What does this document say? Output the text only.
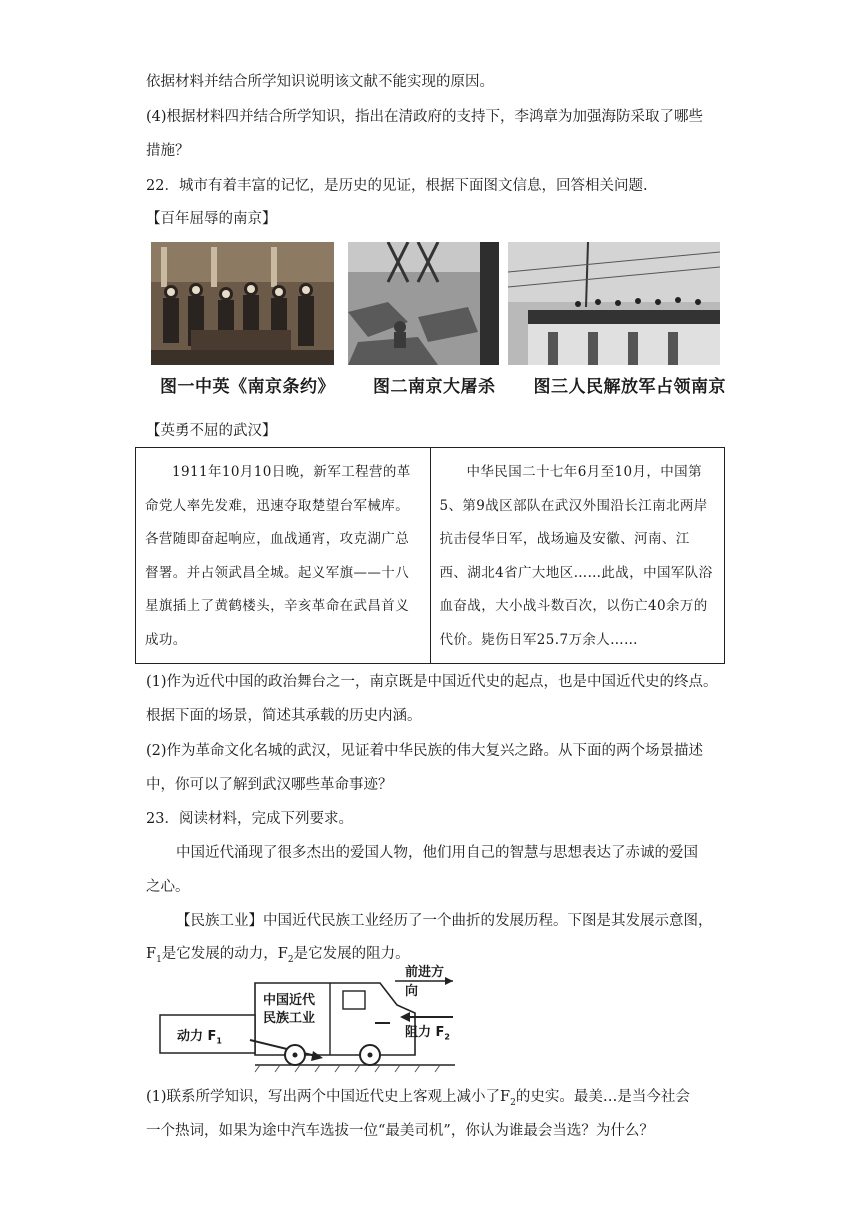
依据材料并结合所学知识说明该文献不能实现的原因。
(4)根据材料四并结合所学知识，指出在清政府的支持下，李鸿章为加强海防采取了哪些
措施？
22．城市有着丰富的记忆，是历史的见证，根据下面图文信息，回答相关问题.
【百年屈辱的南京】
图一中英《南京条约》 图二南京大屠杀 图三人民解放军占领南京
【英勇不屈的武汉】
1911年10月10日晚，新军工程营的革命党人率先发难，迅速夺取楚望台军械库。各营随即奋起响应，血战通宵，攻克湖广总督署。并占领武昌全城。起义军旗——十八星旗插上了黄鹤楼头，辛亥革命在武昌首义成功。	中华民国二十七年6月至10月，中国第5、第9战区部队在武汉外围沿长江南北两岸抗击侵华日军，战场遍及安徽、河南、江西、湖北4省广大地区……此战，中国军队浴血奋战，大小战斗数百次，以伤亡40余万的代价。毙伤日军25.7万余人……
(1)作为近代中国的政治舞台之一，南京既是中国近代史的起点，也是中国近代史的终点。
根据下面的场景，简述其承载的历史内涵。
(2)作为革命文化名城的武汉，见证着中华民族的伟大复兴之路。从下面的两个场景描述
中，你可以了解到武汉哪些革命事迹？
23．阅读材料，完成下列要求。
中国近代涌现了很多杰出的爱国人物，他们用自己的智慧与思想表达了赤诚的爱国
之心。
【民族工业】中国近代民族工业经历了一个曲折的发展历程。下图是其发展示意图，
$F_1$是它发展的动力，$F_2$是它发展的阻力。
前进方向
中国近代
民族工业
动力 $F_1$
阻力 $F_2$
(1)联系所学知识，写出两个中国近代史上客观上减小了$F_2$的史实。最美…是当今社会
一个热词，如果为途中汽车选拔一位“最美司机”，你认为谁最会当选？为什么？
